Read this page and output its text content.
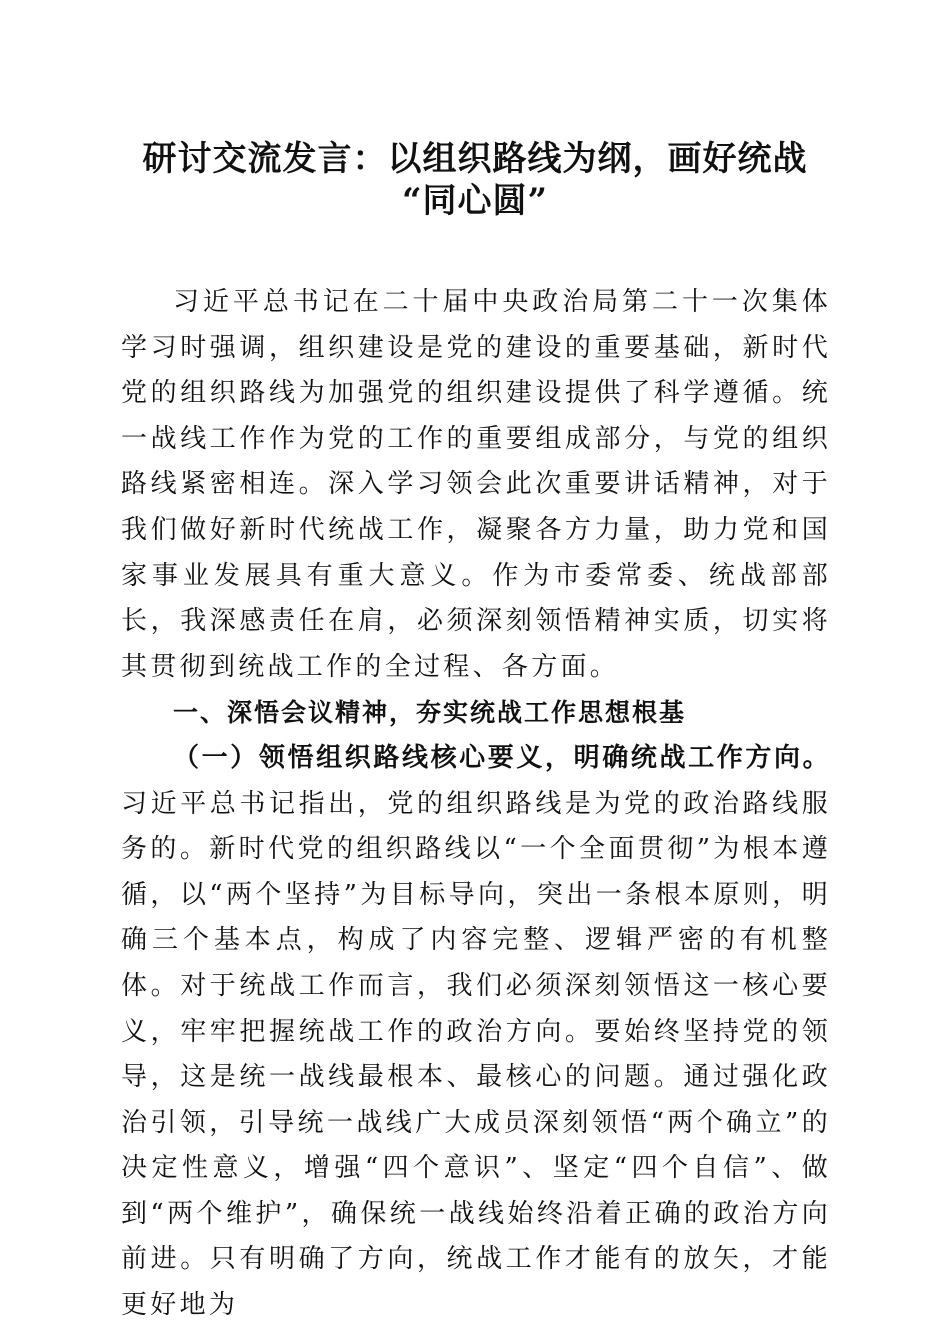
研讨交流发言：以组织路线为纲，画好统战
“同心圆”

习近平总书记在二十届中央政治局第二十一次集体学习时强调，组织建设是党的建设的重要基础，新时代党的组织路线为加强党的组织建设提供了科学遵循。统一战线工作作为党的工作的重要组成部分，与党的组织路线紧密相连。深入学习领会此次重要讲话精神，对于我们做好新时代统战工作，凝聚各方力量，助力党和国家事业发展具有重大意义。作为市委常委、统战部部长，我深感责任在肩，必须深刻领悟精神实质，切实将其贯彻到统战工作的全过程、各方面。

一、深悟会议精神，夯实统战工作思想根基

（一）领悟组织路线核心要义，明确统战工作方向。习近平总书记指出，党的组织路线是为党的政治路线服务的。新时代党的组织路线以“一个全面贯彻”为根本遵循，以“两个坚持”为目标导向，突出一条根本原则，明确三个基本点，构成了内容完整、逻辑严密的有机整体。对于统战工作而言，我们必须深刻领悟这一核心要义，牢牢把握统战工作的政治方向。要始终坚持党的领导，这是统一战线最根本、最核心的问题。通过强化政治引领，引导统一战线广大成员深刻领悟“两个确立”的决定性意义，增强“四个意识”、坚定“四个自信”、做到“两个维护”，确保统一战线始终沿着正确的政治方向前进。只有明确了方向，统战工作才能有的放矢，才能更好地为
